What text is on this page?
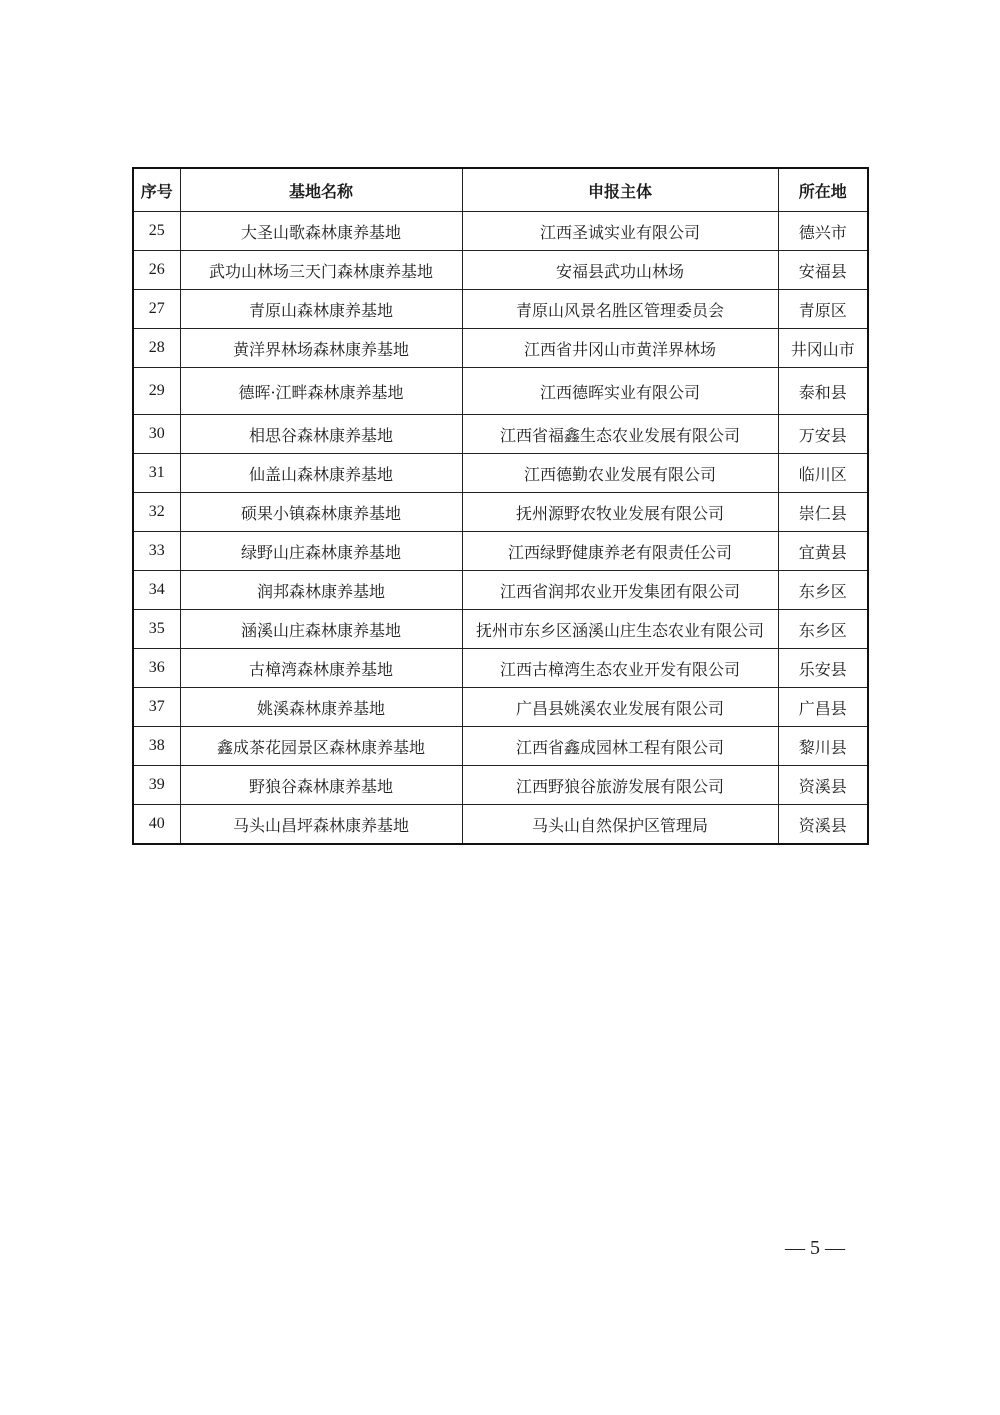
序号	基地名称	申报主体	所在地
25	大圣山歌森林康养基地	江西圣诚实业有限公司	德兴市
26	武功山林场三天门森林康养基地	安福县武功山林场	安福县
27	青原山森林康养基地	青原山风景名胜区管理委员会	青原区
28	黄洋界林场森林康养基地	江西省井冈山市黄洋界林场	井冈山市
29	德晖·江畔森林康养基地	江西德晖实业有限公司	泰和县
30	相思谷森林康养基地	江西省福鑫生态农业发展有限公司	万安县
31	仙盖山森林康养基地	江西德勤农业发展有限公司	临川区
32	硕果小镇森林康养基地	抚州源野农牧业发展有限公司	崇仁县
33	绿野山庄森林康养基地	江西绿野健康养老有限责任公司	宜黄县
34	润邦森林康养基地	江西省润邦农业开发集团有限公司	东乡区
35	涵溪山庄森林康养基地	抚州市东乡区涵溪山庄生态农业有限公司	东乡区
36	古樟湾森林康养基地	江西古樟湾生态农业开发有限公司	乐安县
37	姚溪森林康养基地	广昌县姚溪农业发展有限公司	广昌县
38	鑫成茶花园景区森林康养基地	江西省鑫成园林工程有限公司	黎川县
39	野狼谷森林康养基地	江西野狼谷旅游发展有限公司	资溪县
40	马头山昌坪森林康养基地	马头山自然保护区管理局	资溪县
— 5 —
